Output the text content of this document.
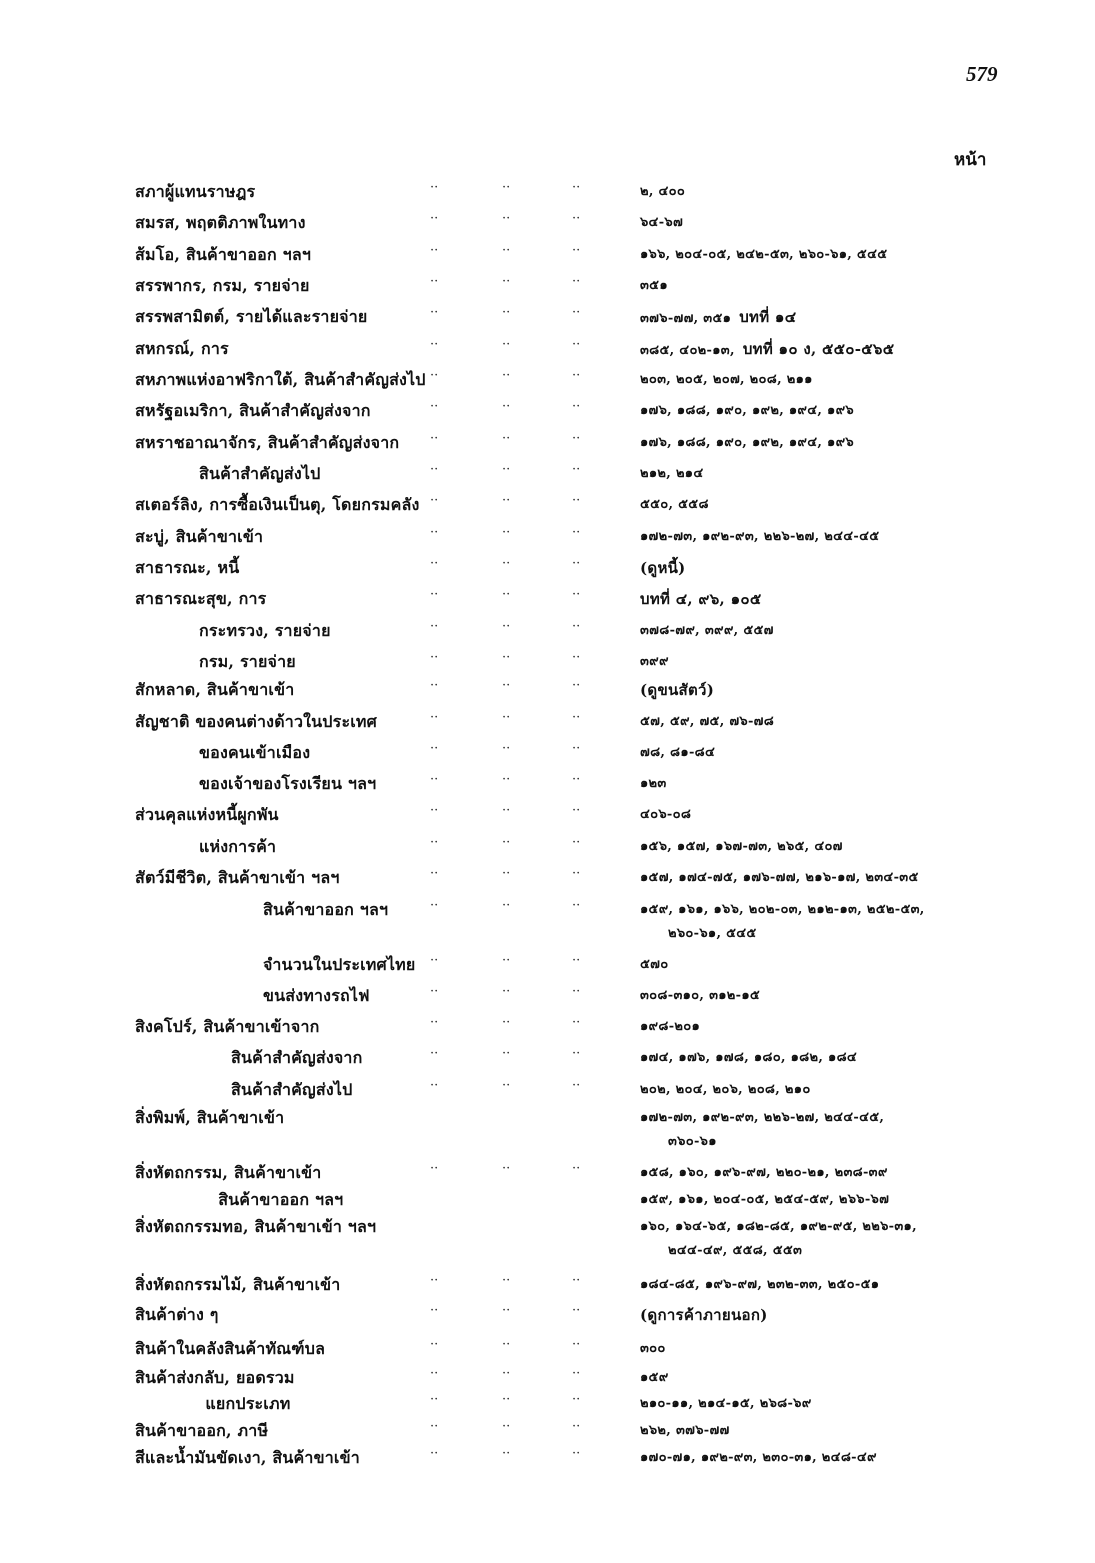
579
หน้า
สภาผู้แทนราษฎร	··	··	··	๒, ๔๐๐
สมรส, พฤตติภาพในทาง	··	··	··	๖๔-๖๗
ส้มโอ, สินค้าขาออก ฯลฯ	··	··	··	๑๖๖, ๒๐๔-๐๕, ๒๔๒-๕๓, ๒๖๐-๖๑, ๕๔๕
สรรพากร, กรม, รายจ่าย	··	··	··	๓๕๑
สรรพสามิตต์, รายได้และรายจ่าย	··	··	··	๓๗๖-๗๗, ๓๕๑ บทที่ ๑๔
สหกรณ์, การ	··	··	··	๓๘๕, ๔๐๒-๑๓, บทที่ ๑๐ ง, ๕๕๐-๕๖๕
สหภาพแห่งอาฟริกาใต้, สินค้าสำคัญส่งไป ··	··	··	๒๐๓, ๒๐๕, ๒๐๗, ๒๐๘, ๒๑๑
สหรัฐอเมริกา, สินค้าสำคัญส่งจาก	··	··	··	๑๗๖, ๑๘๘, ๑๙๐, ๑๙๒, ๑๙๔, ๑๙๖
สหราชอาณาจักร, สินค้าสำคัญส่งจาก ··	··	··	๑๗๖, ๑๘๘, ๑๙๐, ๑๙๒, ๑๙๔, ๑๙๖
สินค้าสำคัญส่งไป	··	··	··	๒๑๒, ๒๑๔
สเตอร์ลิง, การซื้อเงินเป็นตุ, โดยกรมคลัง ··	··	··	๕๕๐, ๕๕๘
สะบู่, สินค้าขาเข้า	··	··	··	๑๗๒-๗๓, ๑๙๒-๙๓, ๒๒๖-๒๗, ๒๔๔-๔๕
สาธารณะ, หนี้	··	··	··	(ดูหนี้)
สาธารณะสุข, การ	··	··	··	บทที่ ๔, ๙๖, ๑๐๕
กระทรวง, รายจ่าย	··	··	··	๓๗๘-๗๙, ๓๙๙, ๕๕๗
กรม, รายจ่าย	··	··	··	๓๙๙
สักหลาด, สินค้าขาเข้า	··	··	··	(ดูขนสัตว์)
สัญชาติ ของคนต่างด้าวในประเทศ	··	··	··	๕๗, ๕๙, ๗๕, ๗๖-๗๘
ของคนเข้าเมือง	··	··	··	๗๘, ๘๑-๘๔
ของเจ้าของโรงเรียน ฯลฯ	··	··	··	๑๒๓
ส่วนคุลแห่งหนี้ผูกพัน	··	··	··	๔๐๖-๐๘
แห่งการค้า	··	··	··	๑๕๖, ๑๕๗, ๑๖๗-๗๓, ๒๖๕, ๔๐๗
สัตว์มีชีวิต, สินค้าขาเข้า ฯลฯ	··	··	··	๑๕๗, ๑๗๔-๗๕, ๑๗๖-๗๗, ๒๑๖-๑๗, ๒๓๔-๓๕
สินค้าขาออก ฯลฯ	··	··	··	๑๕๙, ๑๖๑, ๑๖๖, ๒๐๒-๐๓, ๒๑๒-๑๓, ๒๕๒-๕๓,
๒๖๐-๖๑, ๕๔๕
จำนวนในประเทศไทย ··	··	··	๕๗๐
ขนส่งทางรถไฟ	··	··	··	๓๐๘-๓๑๐, ๓๑๒-๑๕
สิงคโปร์, สินค้าขาเข้าจาก	··	··	··	๑๙๘-๒๐๑
สินค้าสำคัญส่งจาก	··	··	··	๑๗๔, ๑๗๖, ๑๗๘, ๑๘๐, ๑๘๒, ๑๘๔
สินค้าสำคัญส่งไป	··	··	··	๒๐๒, ๒๐๔, ๒๐๖, ๒๐๘, ๒๑๐
สิ่งพิมพ์, สินค้าขาเข้า	๑๗๒-๗๓, ๑๙๒-๙๓, ๒๒๖-๒๗, ๒๔๔-๔๕,
๓๖๐-๖๑
สิ่งหัตถกรรม, สินค้าขาเข้า	··	··	··	๑๕๘, ๑๖๐, ๑๙๖-๙๗, ๒๒๐-๒๑, ๒๓๘-๓๙
สินค้าขาออก ฯลฯ	๑๕๙, ๑๖๑, ๒๐๔-๐๕, ๒๕๔-๕๙, ๒๖๖-๖๗
สิ่งหัตถกรรมทอ, สินค้าขาเข้า ฯลฯ	๑๖๐, ๑๖๔-๖๕, ๑๘๒-๘๕, ๑๙๒-๙๕, ๒๒๖-๓๑,
๒๔๔-๔๙, ๕๕๘, ๕๕๓
สิ่งหัตถกรรมไม้, สินค้าขาเข้า	··	··	··	๑๘๔-๘๕, ๑๙๖-๙๗, ๒๓๒-๓๓, ๒๕๐-๕๑
สินค้าต่าง ๆ	··	··	··	(ดูการค้าภายนอก)
สินค้าในคลังสินค้าทัณฑ์บล	··	··	··	๓๐๐
สินค้าส่งกลับ, ยอดรวม	··	··	··	๑๕๙
แยกประเภท	··	··	··	๒๑๐-๑๑, ๒๑๔-๑๕, ๒๖๘-๖๙
สินค้าขาออก, ภาษี	··	··	··	๒๖๒, ๓๗๖-๗๗
สีและน้ำมันขัดเงา, สินค้าขาเข้า	··	··	··	๑๗๐-๗๑, ๑๙๒-๙๓, ๒๓๐-๓๑, ๒๔๘-๔๙
